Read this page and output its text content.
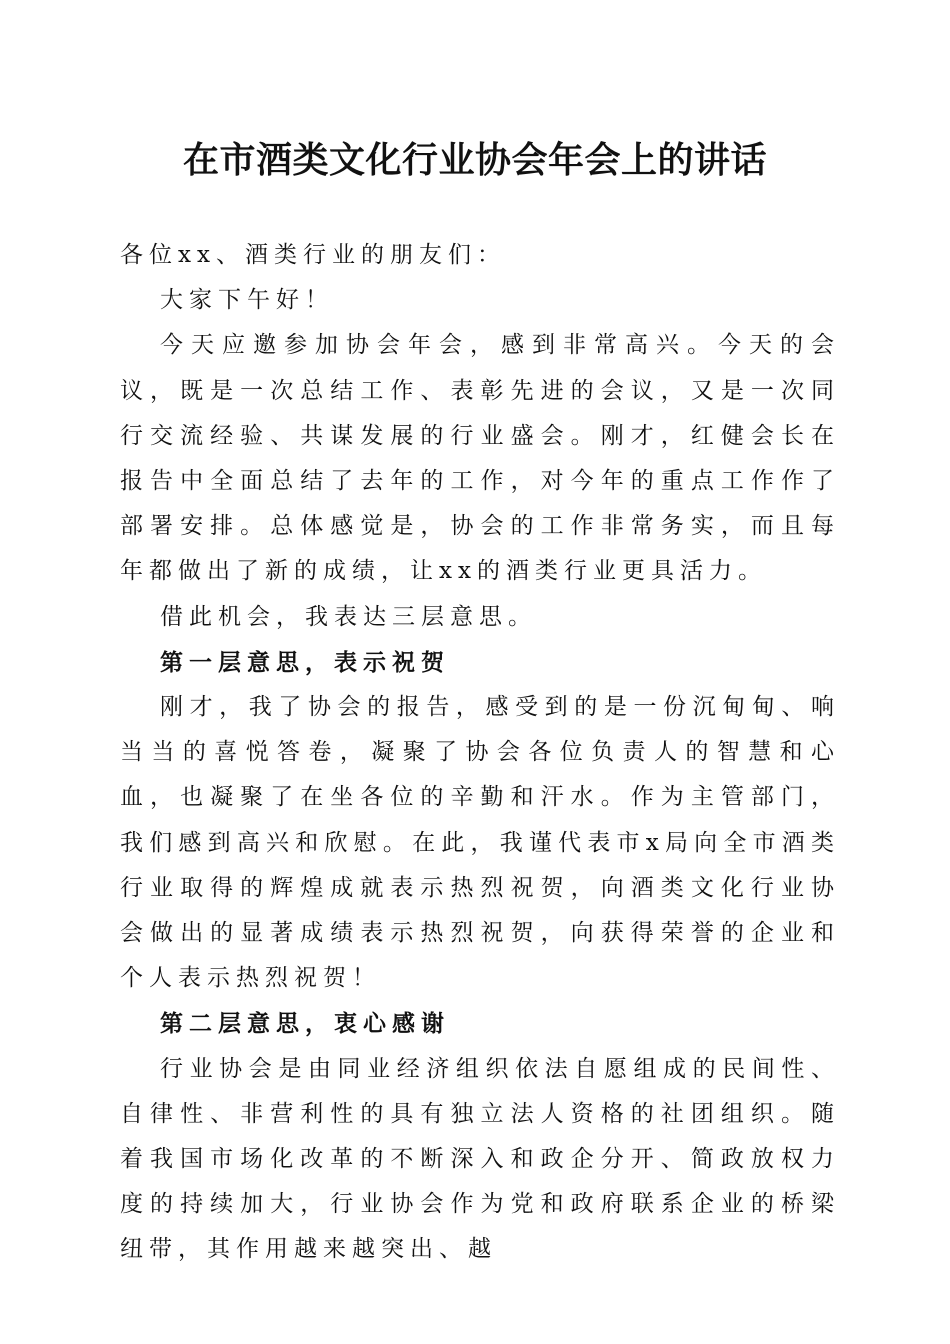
在市酒类文化行业协会年会上的讲话

各位xx、酒类行业的朋友们：

大家下午好！

今天应邀参加协会年会，感到非常高兴。今天的会议，既是一次总结工作、表彰先进的会议，又是一次同行交流经验、共谋发展的行业盛会。刚才，红健会长在报告中全面总结了去年的工作，对今年的重点工作作了部署安排。总体感觉是，协会的工作非常务实，而且每年都做出了新的成绩，让xx的酒类行业更具活力。

借此机会，我表达三层意思。

第一层意思，表示祝贺

刚才，我了协会的报告，感受到的是一份沉甸甸、响当当的喜悦答卷，凝聚了协会各位负责人的智慧和心血，也凝聚了在坐各位的辛勤和汗水。作为主管部门，我们感到高兴和欣慰。在此，我谨代表市x局向全市酒类行业取得的辉煌成就表示热烈祝贺，向酒类文化行业协会做出的显著成绩表示热烈祝贺，向获得荣誉的企业和个人表示热烈祝贺！

第二层意思，衷心感谢

行业协会是由同业经济组织依法自愿组成的民间性、自律性、非营利性的具有独立法人资格的社团组织。随着我国市场化改革的不断深入和政企分开、简政放权力度的持续加大，行业协会作为党和政府联系企业的桥梁纽带，其作用越来越突出、越
